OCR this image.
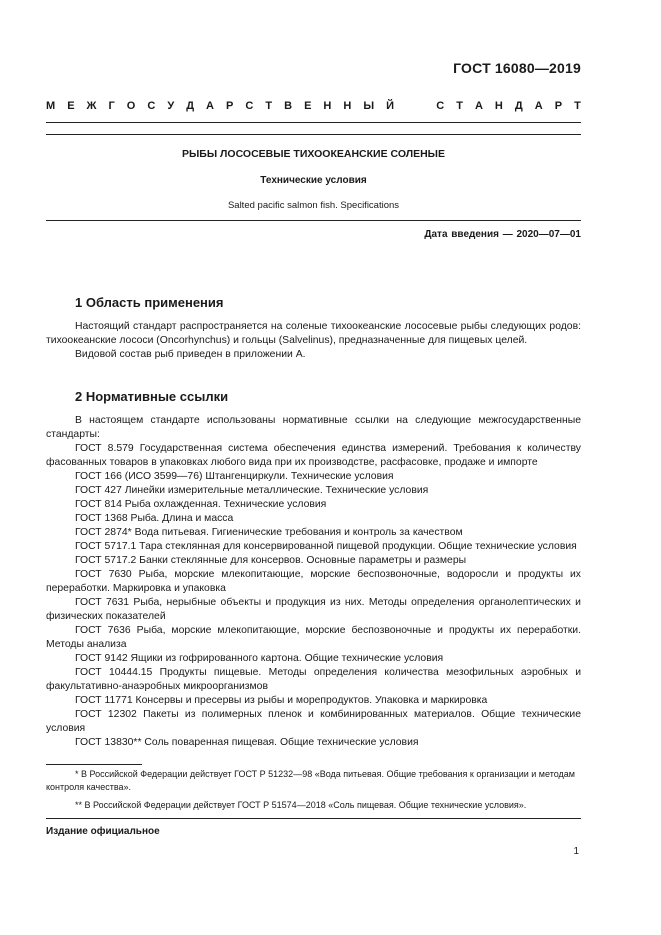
ГОСТ 16080—2019
М Е Ж Г О С У Д А Р С Т В Е Н Н Ы Й

	С Т А Н Д А Р Т
РЫБЫ ЛОСОСЕВЫЕ ТИХООКЕАНСКИЕ СОЛЕНЫЕ
Технические условия
Salted pacific salmon fish. Specifications
Дата введения — 2020—07—01
1 Область применения

Настоящий стандарт распространяется на соленые тихоокеанские лососевые рыбы следующих родов: тихоокеанские лососи (Oncorhynchus) и гольцы (Salvelinus), предназначенные для пищевых целей.

Видовой состав рыб приведен в приложении А.

2 Нормативные ссылки

В настоящем стандарте использованы нормативные ссылки на следующие межгосударственные стандарты:

ГОСТ 8.579 Государственная система обеспечения единства измерений. Требования к количеству фасованных товаров в упаковках любого вида при их производстве, расфасовке, продаже и импорте

ГОСТ 166 (ИСО 3599—76) Штангенциркули. Технические условия

ГОСТ 427 Линейки измерительные металлические. Технические условия

ГОСТ 814 Рыба охлажденная. Технические условия

ГОСТ 1368 Рыба. Длина и масса

ГОСТ 2874* Вода питьевая. Гигиенические требования и контроль за качеством

ГОСТ 5717.1 Тара стеклянная для консервированной пищевой продукции. Общие технические условия

ГОСТ 5717.2 Банки стеклянные для консервов. Основные параметры и размеры

ГОСТ 7630 Рыба, морские млекопитающие, морские беспозвоночные, водоросли и продукты их переработки. Маркировка и упаковка

ГОСТ 7631 Рыба, нерыбные объекты и продукция из них. Методы определения органолептических и физических показателей

ГОСТ 7636 Рыба, морские млекопитающие, морские беспозвоночные и продукты их переработки. Методы анализа

ГОСТ 9142 Ящики из гофрированного картона. Общие технические условия

ГОСТ 10444.15 Продукты пищевые. Методы определения количества мезофильных аэробных и факультативно-анаэробных микроорганизмов

ГОСТ 11771 Консервы и пресервы из рыбы и морепродуктов. Упаковка и маркировка

ГОСТ 12302 Пакеты из полимерных пленок и комбинированных материалов. Общие технические условия

ГОСТ 13830** Соль поваренная пищевая. Общие технические условия

* В Российской Федерации действует ГОСТ Р 51232—98 «Вода питьевая. Общие требования к организации и методам контроля качества».

** В Российской Федерации действует ГОСТ Р 51574—2018 «Соль пищевая. Общие технические условия».

Издание официальное
1
